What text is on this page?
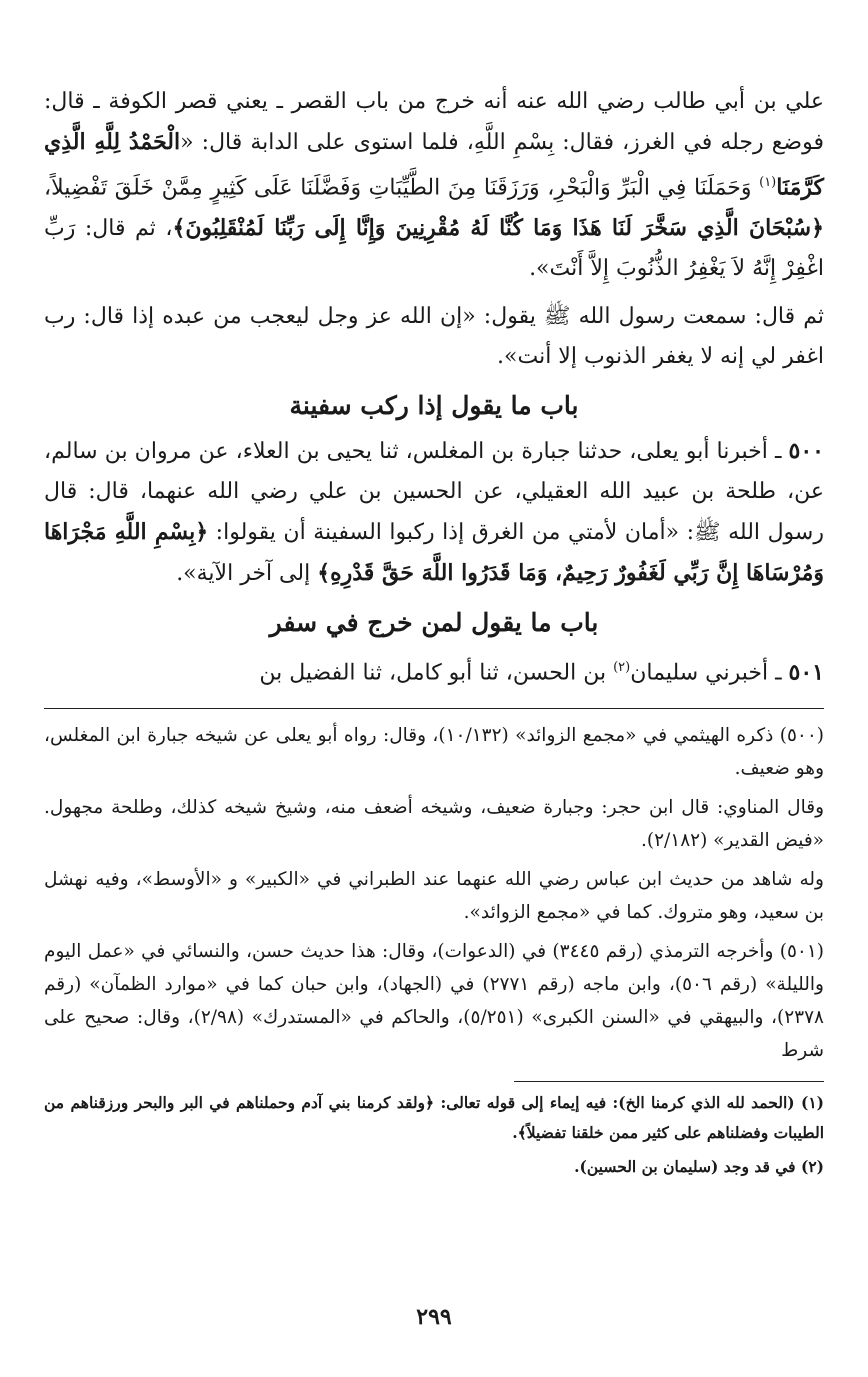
علي بن أبي طالب رضي الله عنه أنه خرج من باب القصر ـ يعني قصر الكوفة ـ قال: فوضع رجله في الغرز، فقال: بِسْمِ اللَّهِ، فلما استوى على الدابة قال: «الْحَمْدُ لِلَّهِ الَّذِي كَرَّمَنَا$^{(١)}$ وَحَمَلَنَا فِي الْبَرِّ وَالْبَحْرِ، وَرَزَقَنَا مِنَ الطَّيِّبَاتِ وَفَضَّلَنَا عَلَى كَثِيرٍ مِمَّنْ خَلَقَ تَفْضِيلاً، ﴿سُبْحَانَ الَّذِي سَخَّرَ لَنَا هَذَا وَمَا كُنَّا لَهُ مُقْرِنِينَ وَإِنَّا إِلَى رَبِّنَا لَمُنْقَلِبُونَ﴾، ثم قال: رَبِّ اغْفِرْ إِنَّهُ لاَ يَغْفِرُ الذُّنُوبَ إِلاَّ أَنْتَ».

ثم قال: سمعت رسول الله ﷺ يقول: «إن الله عز وجل ليعجب من عبده إذا قال: رب اغفر لي إنه لا يغفر الذنوب إلا أنت».

باب ما يقول إذا ركب سفينة

٥٠٠ ـ أخبرنا أبو يعلى، حدثنا جبارة بن المغلس، ثنا يحيى بن العلاء، عن مروان بن سالم، عن، طلحة بن عبيد الله العقيلي، عن الحسين بن علي رضي الله عنهما، قال: قال رسول الله ﷺ: «أمان لأمتي من الغرق إذا ركبوا السفينة أن يقولوا: ﴿بِسْمِ اللَّهِ مَجْرَاهَا وَمُرْسَاهَا إِنَّ رَبِّي لَغَفُورٌ رَحِيمٌ، وَمَا قَدَرُوا اللَّهَ حَقَّ قَدْرِهِ﴾ إلى آخر الآية».

باب ما يقول لمن خرج في سفر

٥٠١ ـ أخبرني سليمان$^{(٢)}$ بن الحسن، ثنا أبو كامل، ثنا الفضيل بن

(٥٠٠) ذكره الهيثمي في «مجمع الزوائد» (١٠/١٣٢)، وقال: رواه أبو يعلى عن شيخه جبارة ابن المغلس، وهو ضعيف.

وقال المناوي: قال ابن حجر: وجبارة ضعيف، وشيخه أضعف منه، وشيخ شيخه كذلك، وطلحة مجهول. «فيض القدير» (٢/١٨٢).

وله شاهد من حديث ابن عباس رضي الله عنهما عند الطبراني في «الكبير» و «الأوسط»، وفيه نهشل بن سعيد، وهو متروك. كما في «مجمع الزوائد».

(٥٠١) وأخرجه الترمذي (رقم ٣٤٤٥) في (الدعوات)، وقال: هذا حديث حسن، والنسائي في «عمل اليوم والليلة» (رقم ٥٠٦)، وابن ماجه (رقم ٢٧٧١) في (الجهاد)، وابن حبان كما في «موارد الظمآن» (رقم ٢٣٧٨)، والبيهقي في «السنن الكبرى» (٥/٢٥١)، والحاكم في «المستدرك» (٢/٩٨)، وقال: صحيح على شرط

(١) (الحمد لله الذي كرمنا الخ): فيه إيماء إلى قوله تعالى: ﴿ولقد كرمنا بني آدم وحملناهم في البر والبحر ورزقناهم من الطيبات وفضلناهم على كثير ممن خلقنا تفضيلاً﴾.

(٢) في قد وجد (سليمان بن الحسين).

٢٩٩
